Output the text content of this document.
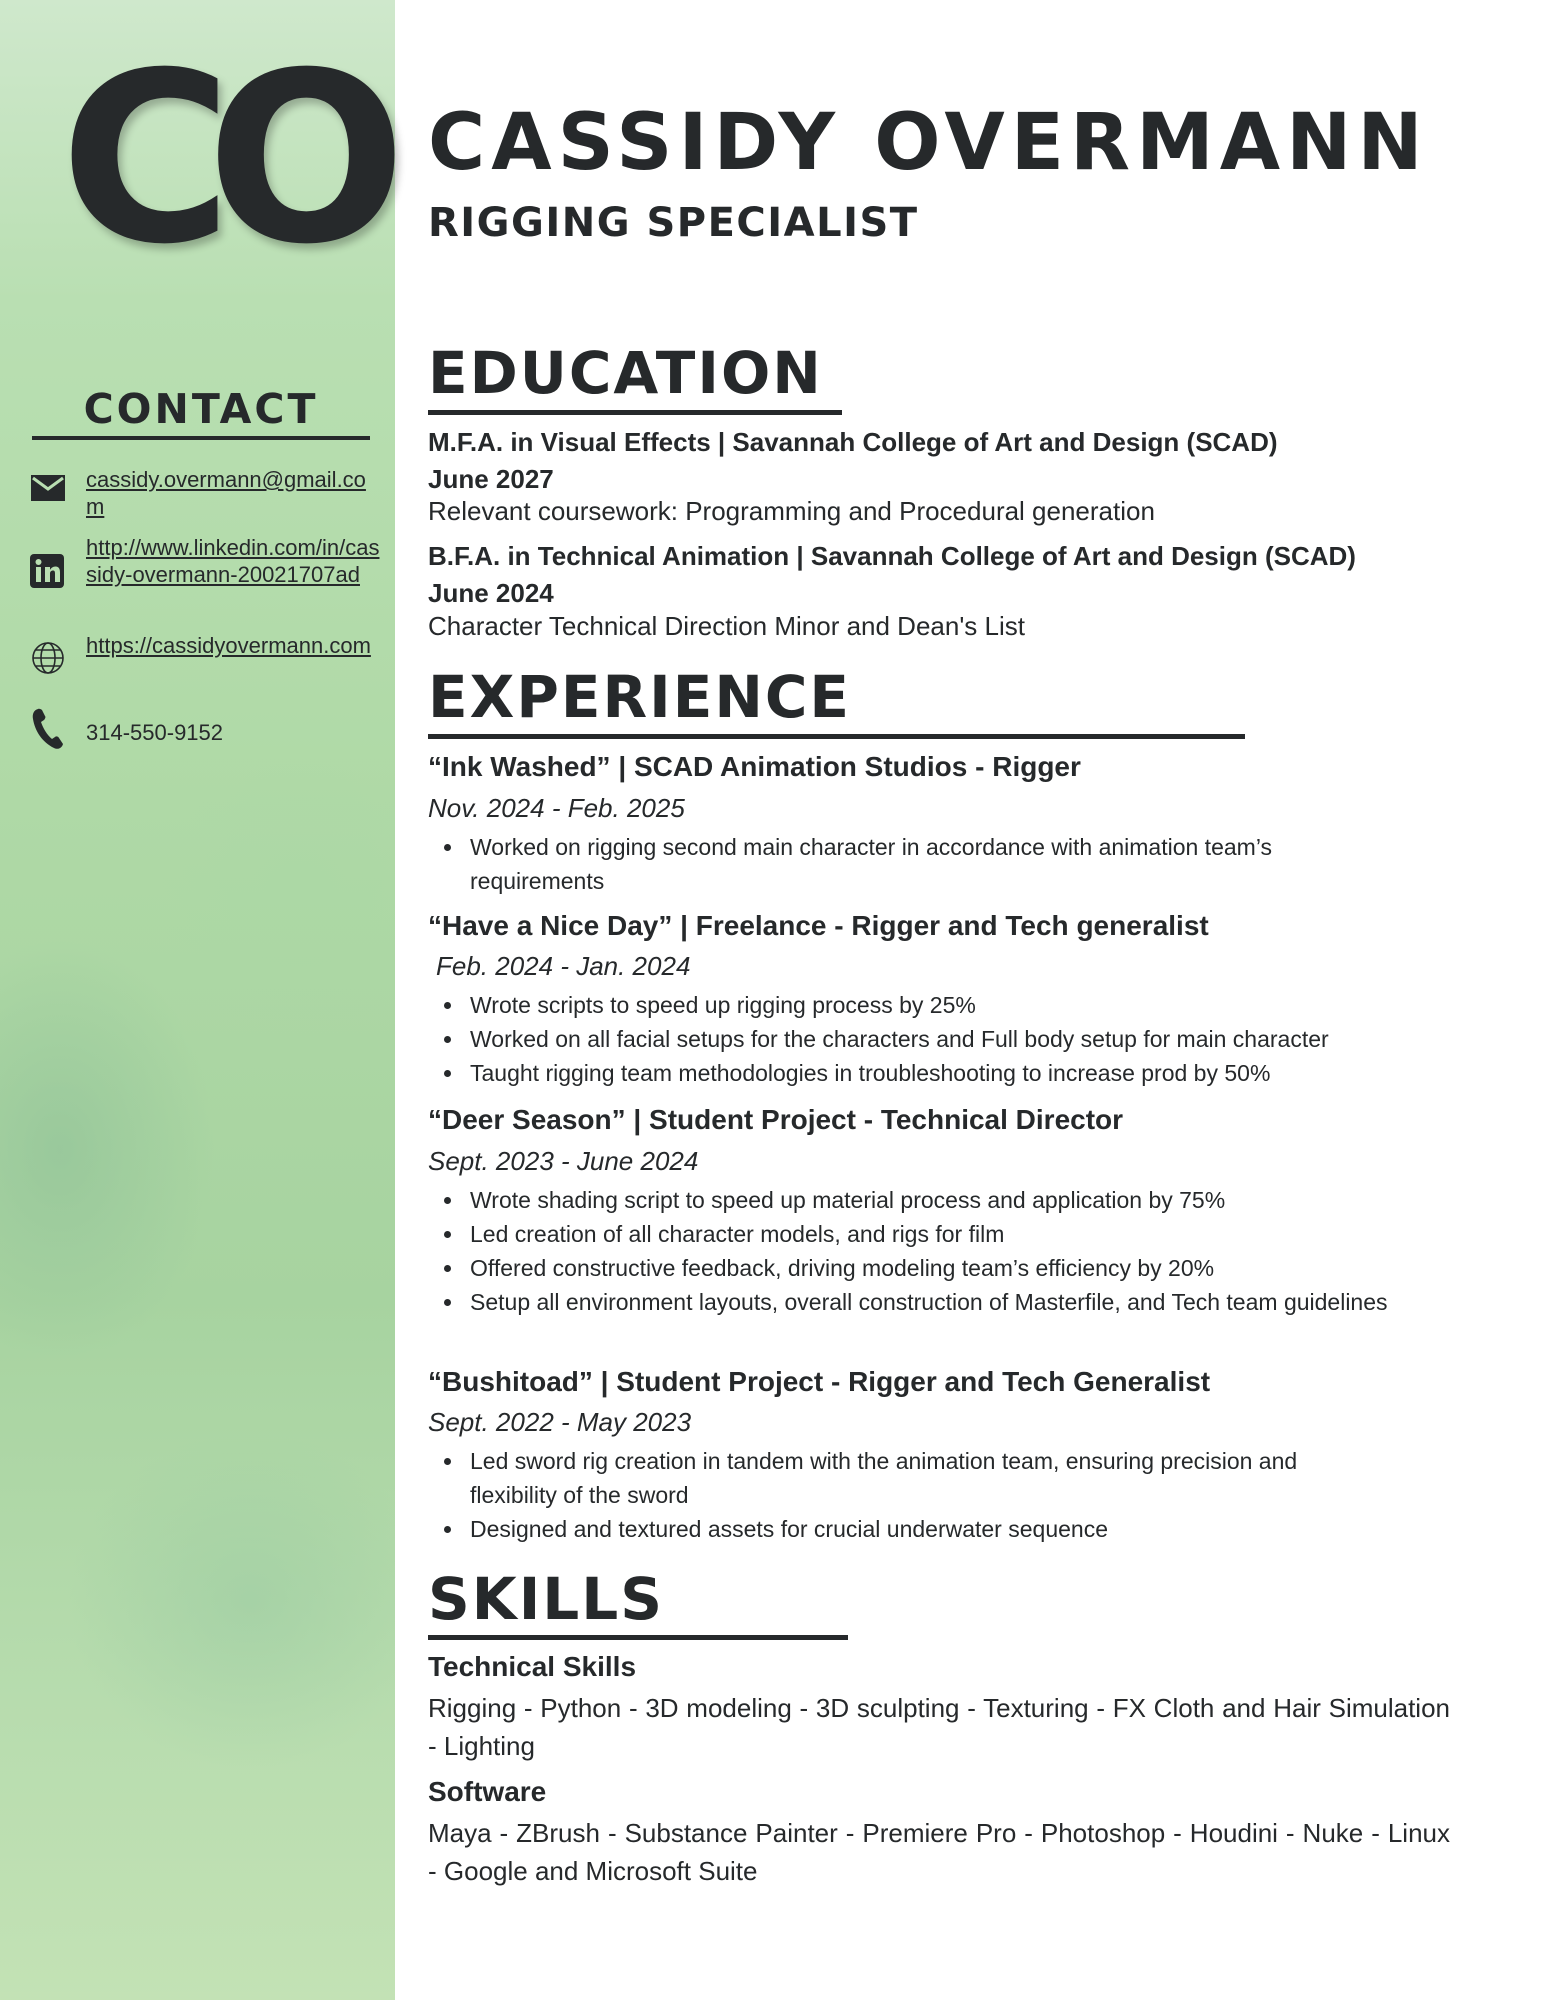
CO
CONTACT
cassidy.overmann@gmail.com
http://www.linkedin.com/in/cassidy-overmann-20021707ad
https://cassidyovermann.com
314-550-9152
CASSIDY OVERMANN
RIGGING SPECIALIST
EDUCATION
M.F.A. in Visual Effects | Savannah College of Art and Design (SCAD)
June 2027
Relevant coursework: Programming and Procedural generation
B.F.A. in Technical Animation | Savannah College of Art and Design (SCAD)
June 2024
Character Technical Direction Minor and Dean's List
EXPERIENCE
“Ink Washed” | SCAD Animation Studios - Rigger
Nov. 2024 - Feb. 2025
Worked on rigging second main character in accordance with animation team’s requirements
“Have a Nice Day” | Freelance - Rigger and Tech generalist
Feb. 2024 - Jan. 2024
Wrote scripts to speed up rigging process by 25%
Worked on all facial setups for the characters and Full body setup for main character
Taught rigging team methodologies in troubleshooting to increase prod by 50%
“Deer Season” | Student Project - Technical Director
Sept. 2023 - June 2024
Wrote shading script to speed up material process and application by 75%
Led creation of all character models, and rigs for film
Offered constructive feedback, driving modeling team’s efficiency by 20%
Setup all environment layouts, overall construction of Masterfile, and Tech team guidelines
“Bushitoad” | Student Project - Rigger and Tech Generalist
Sept. 2022 - May 2023
Led sword rig creation in tandem with the animation team, ensuring precision and flexibility of the sword
Designed and textured assets for crucial underwater sequence
SKILLS
Technical Skills
Rigging - Python - 3D modeling - 3D sculpting - Texturing - FX Cloth and Hair Simulation - Lighting
Software
Maya - ZBrush - Substance Painter - Premiere Pro - Photoshop - Houdini - Nuke - Linux - Google and Microsoft Suite
